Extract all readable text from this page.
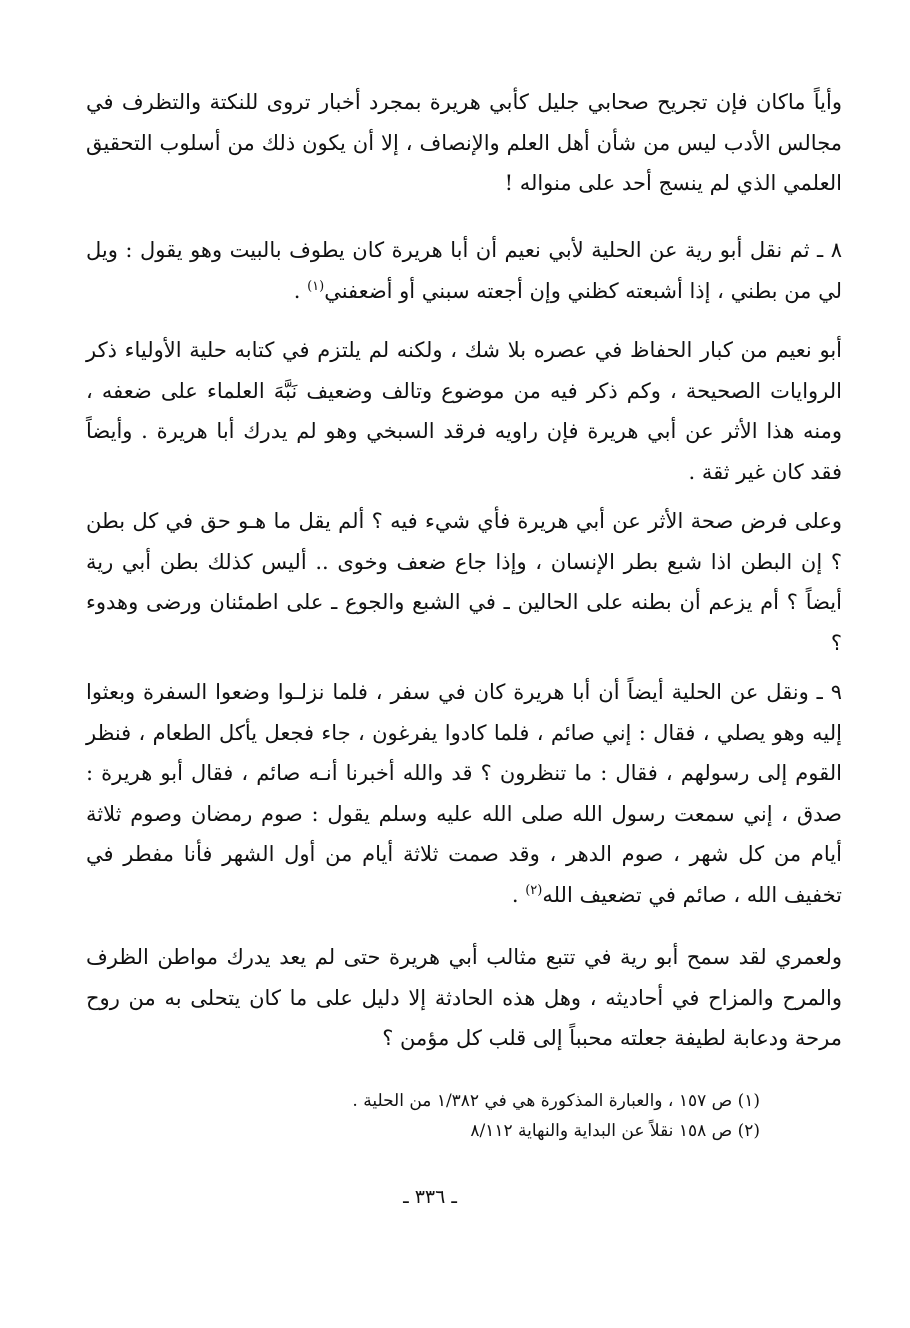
وأياً ماكان فإن تجريح صحابي جليل كأبي هريرة بمجرد أخبار تروى للنكتة والتظرف في مجالس الأدب ليس من شأن أهل العلم والإنصاف ، إلا أن يكون ذلك من أسلوب التحقيق العلمي الذي لم ينسج أحد على منواله !

٨ ـ ثم نقل أبو رية عن الحلية لأبي نعيم أن أبا هريرة كان يطوف بالبيت وهو يقول : ويل لي من بطني ، إذا أشبعته كظني وإن أجعته سبني أو أضعفني$^{(١)}$ .

أبو نعيم من كبار الحفاظ في عصره بلا شك ، ولكنه لم يلتزم في كتابه حلية الأولياء ذكر الروايات الصحيحة ، وكم ذكر فيه من موضوع وتالف وضعيف نَبَّهَ العلماء على ضعفه ، ومنه هذا الأثر عن أبي هريرة فإن راويه فرقد السبخي وهو لم يدرك أبا هريرة . وأيضاً فقد كان غير ثقة .

وعلى فرض صحة الأثر عن أبي هريرة فأي شيء فيه ؟ ألم يقل ما هـو حق في كل بطن ؟ إن البطن اذا شبع بطر الإنسان ، وإذا جاع ضعف وخوى .. أليس كذلك بطن أبي رية أيضاً ؟ أم يزعم أن بطنه على الحالين ـ في الشبع والجوع ـ على اطمئنان ورضى وهدوء ؟

٩ ـ ونقل عن الحلية أيضاً أن أبا هريرة كان في سفر ، فلما نزلـوا وضعوا السفرة وبعثوا إليه وهو يصلي ، فقال : إني صائم ، فلما كادوا يفرغون ، جاء فجعل يأكل الطعام ، فنظر القوم إلى رسولهم ، فقال : ما تنظرون ؟ قد والله أخبرنا أنـه صائم ، فقال أبو هريرة : صدق ، إني سمعت رسول الله صلى الله عليه وسلم يقول : صوم رمضان وصوم ثلاثة أيام من كل شهر ، صوم الدهر ، وقد صمت ثلاثة أيام من أول الشهر فأنا مفطر في تخفيف الله ، صائم في تضعيف الله$^{(٢)}$ .

ولعمري لقد سمح أبو رية في تتبع مثالب أبي هريرة حتى لم يعد يدرك مواطن الظرف والمرح والمزاح في أحاديثه ، وهل هذه الحادثة إلا دليل على ما كان يتحلى به من روح مرحة ودعابة لطيفة جعلته محبباً إلى قلب كل مؤمن ؟

(١) ص ١٥٧ ، والعبارة المذكورة هي في ١/٣٨٢ من الحلية .
(٢) ص ١٥٨ نقلاً عن البداية والنهاية ٨/١١٢
ـ ٣٣٦ ـ
